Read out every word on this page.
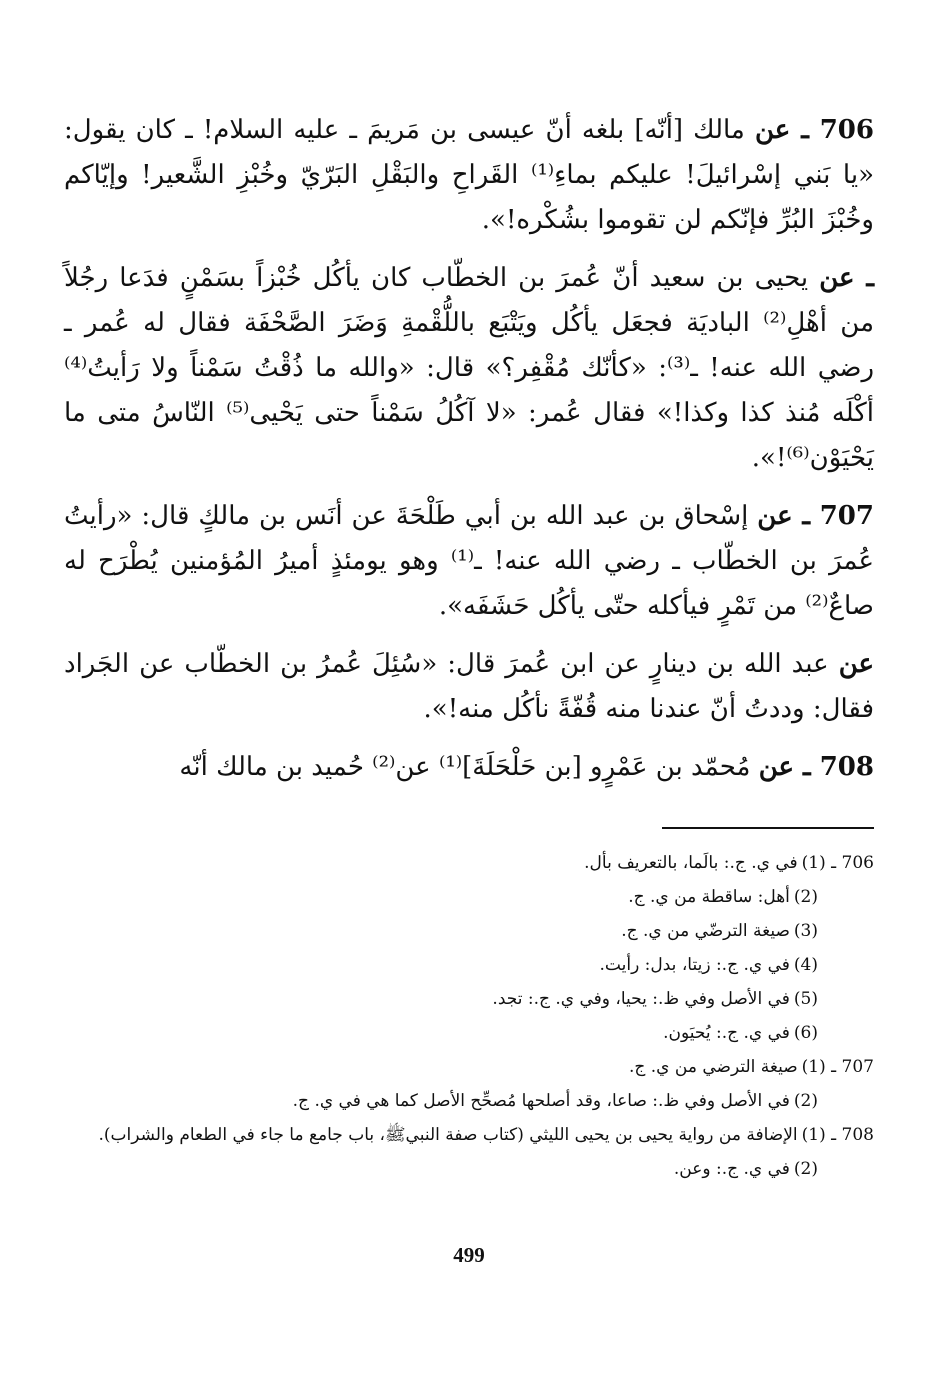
706 ـ عن مالك [أنّه] بلغه أنّ عيسى بن مَريمَ ـ عليه السلام! ـ كان يقول: «يا بَني إسْرائيلَ! عليكم بماءِ⁽¹⁾ القَراحِ والبَقْلِ البَرّيّ وخُبْزِ الشَّعير! وإيّاكم وخُبْزَ البُرِّ فإنّكم لن تقوموا بشُكْره!».

ـ عن يحيى بن سعيد أنّ عُمرَ بن الخطّاب كان يأكُل خُبْزاً بسَمْنٍ فدَعا رجُلاً من أهْلِ⁽²⁾ الباديَة فجعَل يأكُل ويَتْبَع باللُّقْمةِ وَضَرَ الصَّحْفَة فقال له عُمر ـ رضي الله عنه! ـ⁽³⁾: «كأنّك مُقْفِر؟» قال: «والله ما ذُقْتُ سَمْناً ولا رَأيتُ⁽⁴⁾ أكْلَه مُنذ كذا وكذا!» فقال عُمر: «لا آكُلُ سَمْناً حتى يَحْيى⁽⁵⁾ النّاسُ متى ما يَحْيَوْن⁽⁶⁾!».

707 ـ عن إسْحاق بن عبد الله بن أبي طَلْحَةَ عن أنَس بن مالكٍ قال: «رأيتُ عُمرَ بن الخطّاب ـ رضي الله عنه! ـ⁽¹⁾ وهو يومئذٍ أميرُ المُؤمنين يُطْرَح له صاعٌ⁽²⁾ من تَمْرٍ فيأكله حتّى يأكُل حَشَفَه».

عن عبد الله بن دينارٍ عن ابن عُمرَ قال: «سُئِلَ عُمرُ بن الخطّاب عن الجَراد فقال: وددتُ أنّ عندنا منه قُفّةً نأكُل منه!».

708 ـ عن مُحمّد بن عَمْرٍو [بن حَلْحَلَةَ]⁽¹⁾ عن⁽²⁾ حُميد بن مالك أنّه

706 ـ (1)
في ي. ج.: بالَما، بالتعريف بأل.
(2)
أهل: ساقطة من ي. ج.
(3)
صيغة الترضّي من ي. ج.
(4)
في ي. ج.: زيتا، بدل: رأيت.
(5)
في الأصل وفي ظ.: يحيا، وفي ي. ج.: تجد.
(6)
في ي. ج.: يُحيَون.
707 ـ (1)
صيغة الترضي من ي. ج.
(2)
في الأصل وفي ظ.: صاعا، وقد أصلحها مُصحِّح الأصل كما هي في ي. ج.
708 ـ (1)
الإضافة من رواية يحيى بن يحيى الليثي (كتاب صفة النبيﷺ، باب جامع ما جاء في الطعام والشراب).
(2)
في ي. ج.: وعن.
499
